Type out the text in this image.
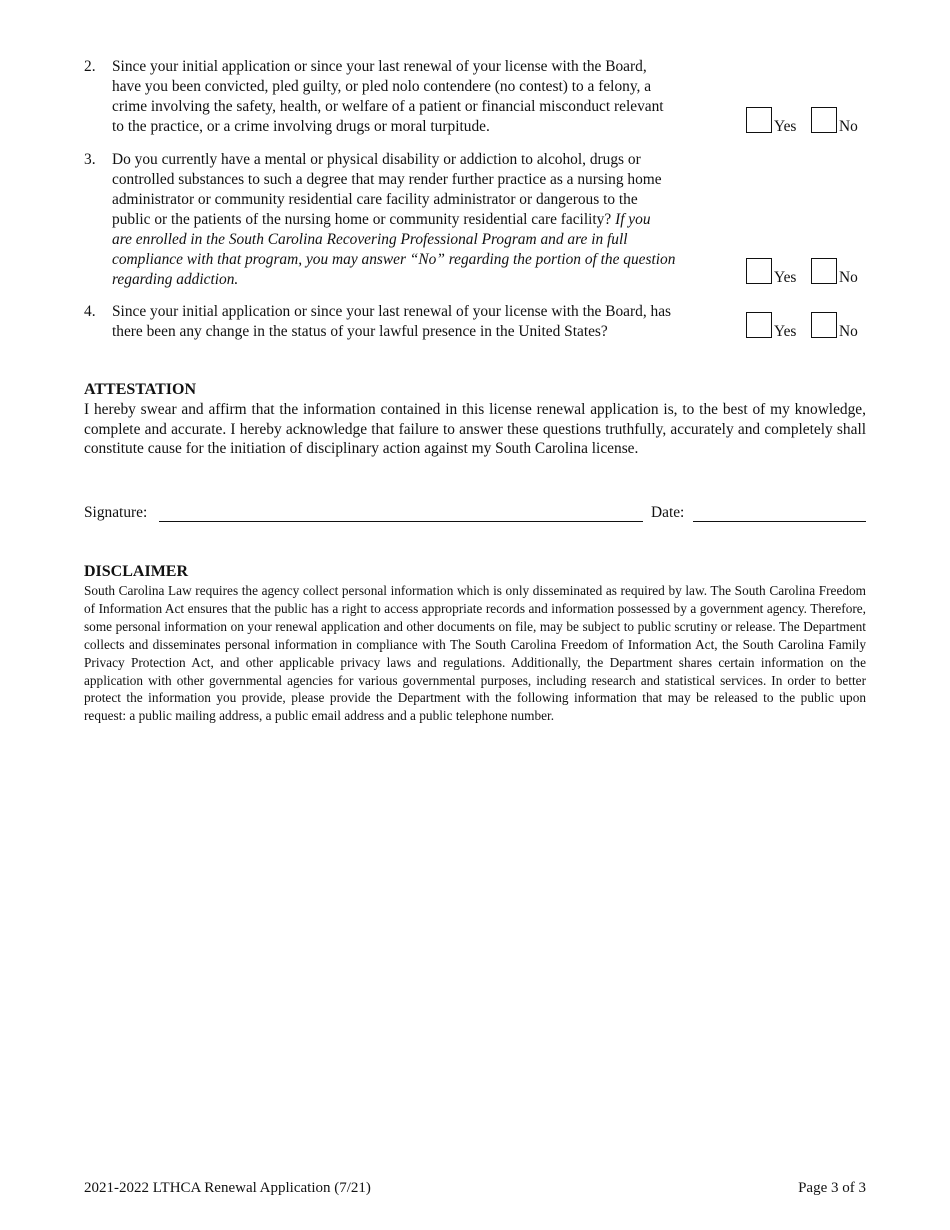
2.	Since your initial application or since your last renewal of your license with the Board,
have you been convicted, pled guilty, or pled nolo contendere (no contest) to a felony, a
crime involving the safety, health, or welfare of a patient or financial misconduct relevant
to the practice, or a crime involving drugs or moral turpitude.	Yes	No
3.	Do you currently have a mental or physical disability or addiction to alcohol, drugs or
controlled substances to such a degree that may render further practice as a nursing home
administrator or community residential care facility administrator or dangerous to the
public or the patients of the nursing home or community residential care facility? If you
are enrolled in the South Carolina Recovering Professional Program and are in full
compliance with that program, you may answer “No” regarding the portion of the question
regarding addiction.	Yes	No
4.	Since your initial application or since your last renewal of your license with the Board, has
there been any change in the status of your lawful presence in the United States?	Yes	No
ATTESTATION
I hereby swear and affirm that the information contained in this license renewal application is, to the best of my knowledge, complete and accurate. I hereby acknowledge that failure to answer these questions truthfully, accurately and completely shall constitute cause for the initiation of disciplinary action against my South Carolina license.
Signature:	Date:
DISCLAIMER
South Carolina Law requires the agency collect personal information which is only disseminated as required by law. The South Carolina Freedom of Information Act ensures that the public has a right to access appropriate records and information possessed by a government agency. Therefore, some personal information on your renewal application and other documents on file, may be subject to public scrutiny or release. The Department collects and disseminates personal information in compliance with The South Carolina Freedom of Information Act, the South Carolina Family Privacy Protection Act, and other applicable privacy laws and regulations. Additionally, the Department shares certain information on the application with other governmental agencies for various governmental purposes, including research and statistical services. In order to better protect the information you provide, please provide the Department with the following information that may be released to the public upon request: a public mailing address, a public email address and a public telephone number.
2021-2022 LTHCA Renewal Application (7/21)	Page 3 of 3
